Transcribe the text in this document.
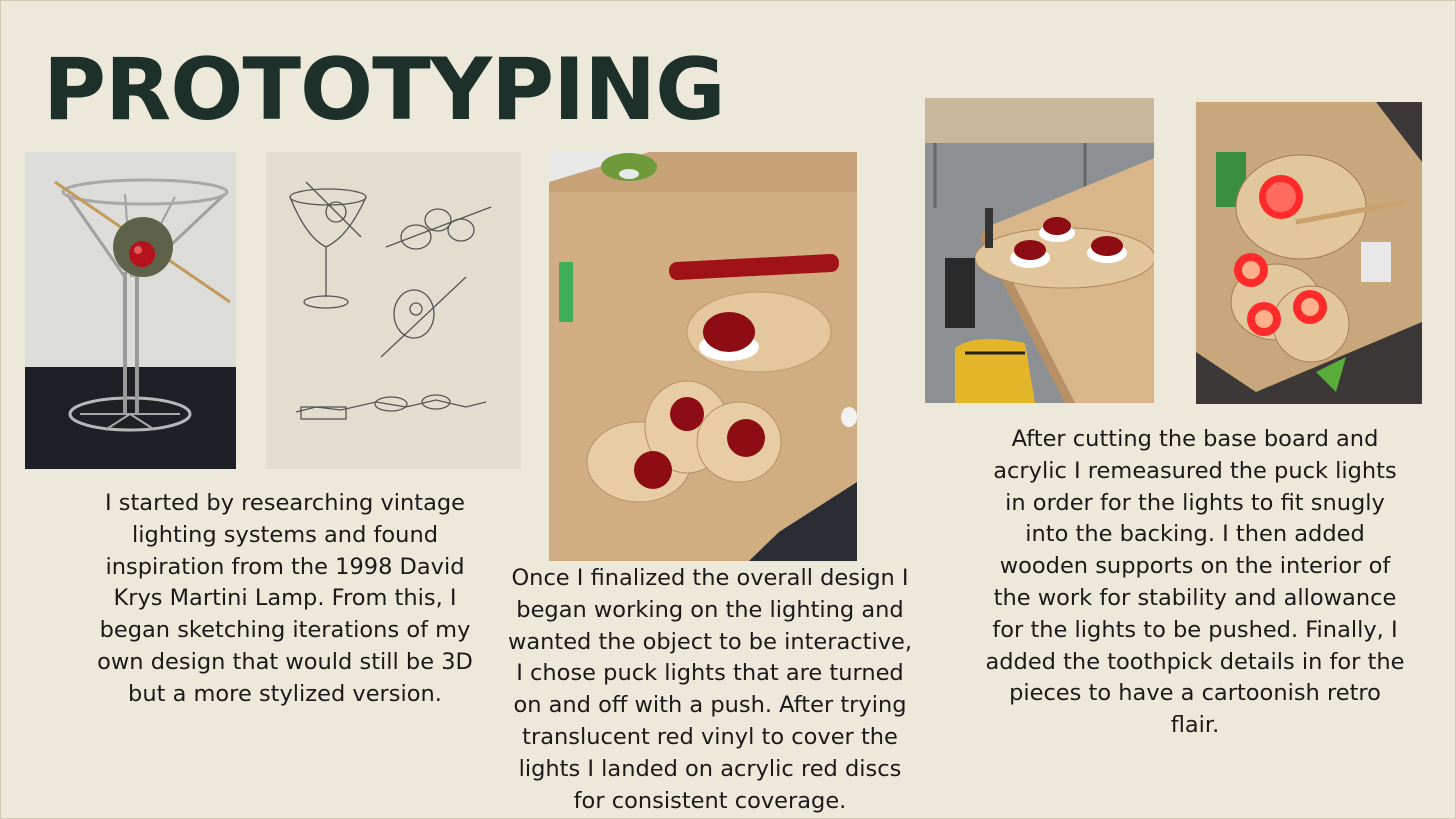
PROTOTYPING
I started by researching vintage lighting systems and found inspiration from the 1998 David Krys Martini Lamp. From this, I began sketching iterations of my own design that would still be 3D but a more stylized version.
Once I finalized the overall design I began working on the lighting and wanted the object to be interactive, I chose puck lights that are turned on and off with a push. After trying translucent red vinyl to cover the lights I landed on acrylic red discs for consistent coverage.
After cutting the base board and acrylic I remeasured the puck lights in order for the lights to fit snugly into the backing. I then added wooden supports on the interior of the work for stability and allowance for the lights to be pushed. Finally, I added the toothpick details in for the pieces to have a cartoonish retro flair.
